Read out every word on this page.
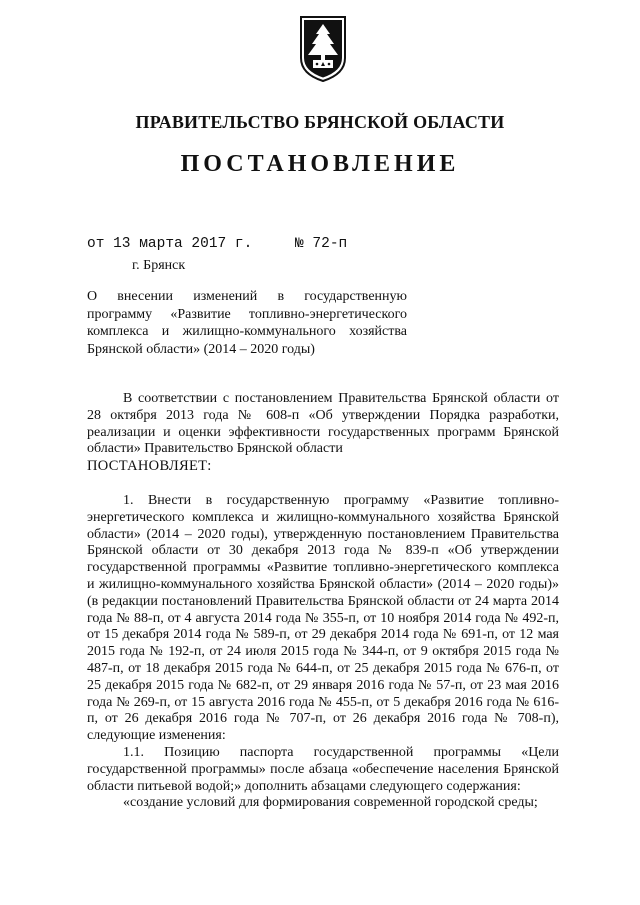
ПРАВИТЕЛЬСТВО БРЯНСКОЙ ОБЛАСТИ
ПОСТАНОВЛЕНИЕ
от 13 марта 2017 г.	№ 72-п
г. Брянск
О внесении изменений в государственную
программу «Развитие топливно-энергетического
комплекса и жилищно-коммунального хозяйства
Брянской области» (2014 – 2020 годы)

В соответствии с постановлением Правительства Брянской области от 28 октября 2013 года № 608-п «Об утверждении Порядка разработки, реализации и оценки эффективности государственных программ Брянской области» Правительство Брянской области

ПОСТАНОВЛЯЕТ:

1. Внести в государственную программу «Развитие топливно-энергетического комплекса и жилищно-коммунального хозяйства Брянской области» (2014 – 2020 годы), утвержденную постановлением Правительства Брянской области от 30 декабря 2013 года № 839-п «Об утверждении государственной программы «Развитие топливно-энергетического комплекса и жилищно-коммунального хозяйства Брянской области» (2014 – 2020 годы)» (в редакции постановлений Правительства Брянской области от 24 марта 2014 года № 88-п, от 4 августа 2014 года № 355-п, от 10 ноября 2014 года № 492-п, от 15 декабря 2014 года № 589-п, от 29 декабря 2014 года № 691-п, от 12 мая 2015 года № 192-п, от 24 июля 2015 года № 344-п, от 9 октября 2015 года № 487-п, от 18 декабря 2015 года № 644-п, от 25 декабря 2015 года № 676-п, от 25 декабря 2015 года № 682-п, от 29 января 2016 года № 57-п, от 23 мая 2016 года № 269-п, от 15 августа 2016 года № 455-п, от 5 декабря 2016 года № 616-п, от 26 декабря 2016 года № 707-п, от 26 декабря 2016 года № 708-п), следующие изменения:

1.1. Позицию паспорта государственной программы «Цели государственной программы» после абзаца «обеспечение населения Брянской области питьевой водой;» дополнить абзацами следующего содержания:

«создание условий для формирования современной городской среды;
